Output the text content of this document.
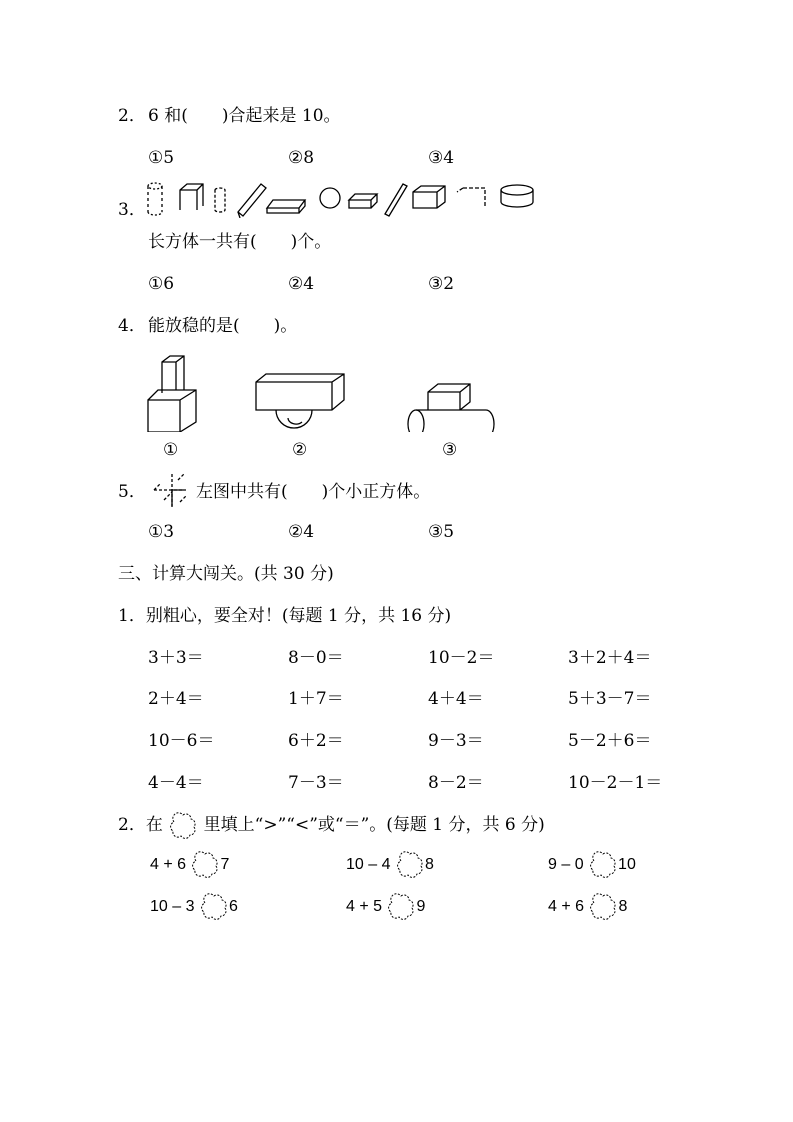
2． 6 和(　　)合起来是 10。
①5	②8	③4
3．
长方体一共有(　　)个。
①6	②4	③2
4． 能放稳的是(　　)。
①	②	③
5．	左图中共有(　　)个小正方体。
①3	②4	③5
三、计算大闯关。(共 30 分)
1．别粗心，要全对！(每题 1 分，共 16 分)
3＋3＝	8－0＝	10－2＝	3＋2＋4＝
2＋4＝	1＋7＝	4＋4＝	5＋3－7＝
10－6＝	6＋2＝	9－3＝	5－2＋6＝
4－4＝	7－3＝	8－2＝	10－2－1＝
2．在 里填上“>”“<”或“＝”。(每题 1 分，共 6 分)
4 + 6 7	10 – 4 8	9 – 0 10
10 – 3 6	4 + 5 9	4 + 6 8
